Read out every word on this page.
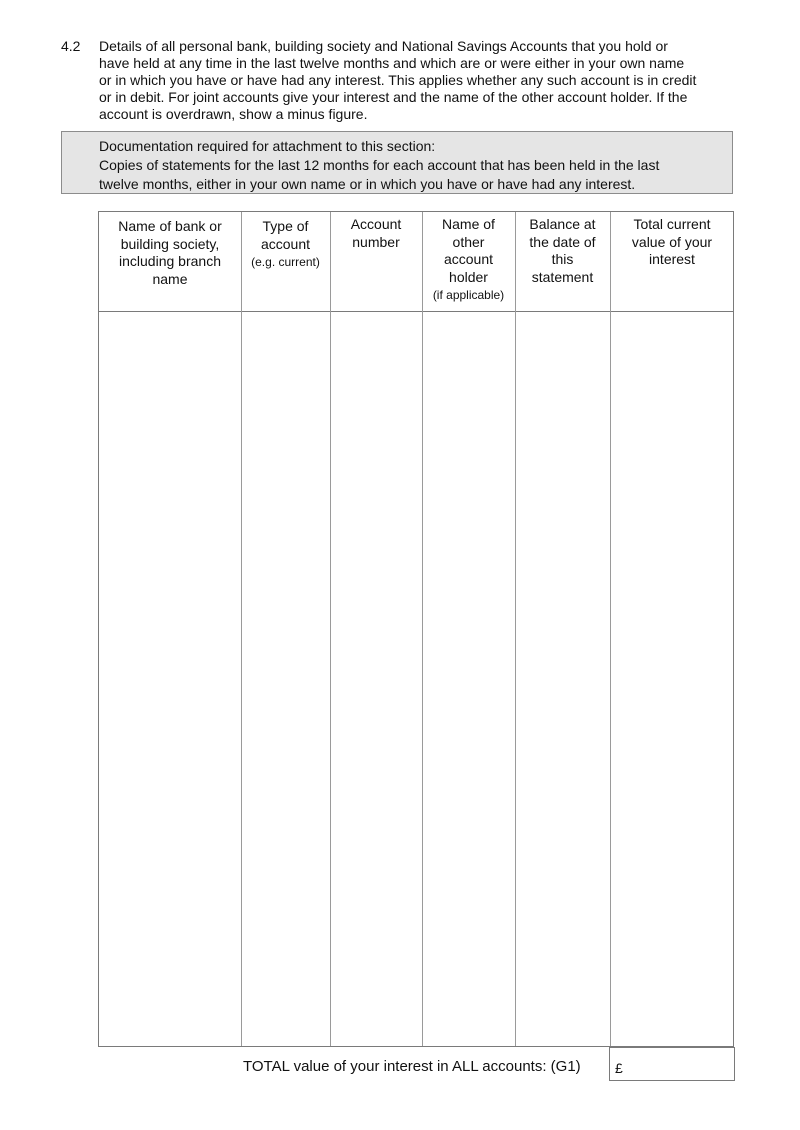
4.2 Details of all personal bank, building society and National Savings Accounts that you hold or
have held at any time in the last twelve months and which are or were either in your own name
or in which you have or have had any interest. This applies whether any such account is in credit
or in debit. For joint accounts give your interest and the name of the other account holder. If the
account is overdrawn, show a minus figure.
Documentation required for attachment to this section:
Copies of statements for the last 12 months for each account that has been held in the last
twelve months, either in your own name or in which you have or have had any interest.
Name of bank or
building society,
including branch
name
Type of
account
(e.g. current)
Account
number
Name of
other
account
holder
(if applicable)
Balance at
the date of
this
statement
Total current
value of your
interest
TOTAL value of your interest in ALL accounts: (G1) £
